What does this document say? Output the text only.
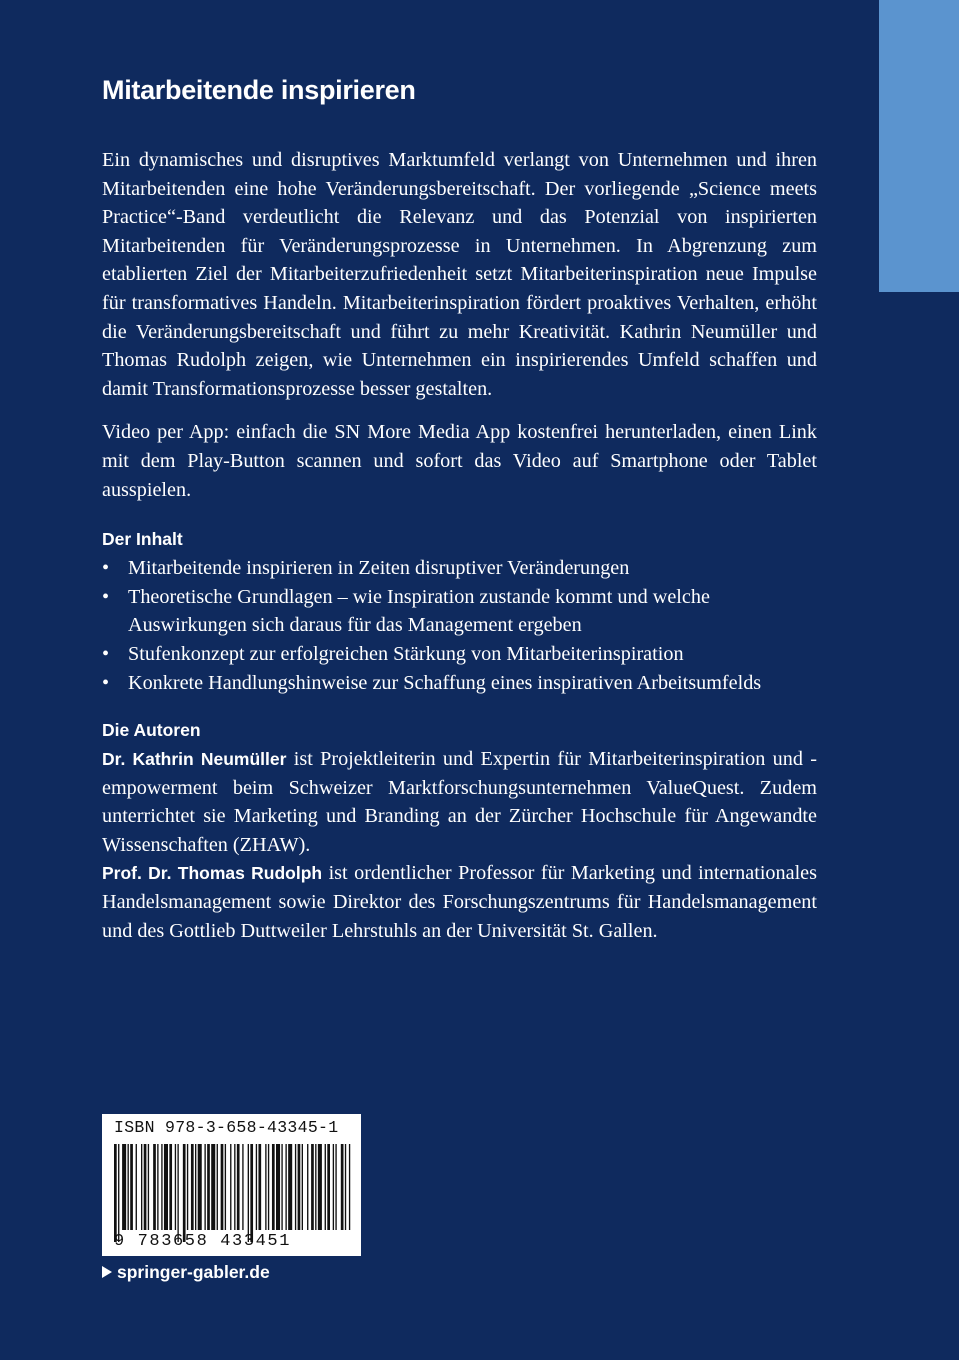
Mitarbeitende inspirieren

Ein dynamisches und disruptives Marktumfeld verlangt von Unternehmen und ihren Mitarbeitenden eine hohe Veränderungsbereitschaft. Der vorliegende „Science meets Practice“-Band verdeutlicht die Relevanz und das Potenzial von inspirierten Mitarbeitenden für Veränderungsprozesse in Unternehmen. In Abgrenzung zum etablierten Ziel der Mitarbeiterzufriedenheit setzt Mitarbeiterinspiration neue Impulse für transformatives Handeln. Mitarbeiterinspiration fördert proaktives Verhalten, erhöht die Veränderungsbereitschaft und führt zu mehr Kreativität. Kathrin Neumüller und Thomas Rudolph zeigen, wie Unternehmen ein inspirierendes Umfeld schaffen und damit Transformationsprozesse besser gestalten.

Video per App: einfach die SN More Media App kostenfrei herunterladen, einen Link mit dem Play-Button scannen und sofort das Video auf Smartphone oder Tablet ausspielen.

Der Inhalt
• Mitarbeitende inspirieren in Zeiten disruptiver Veränderungen
• Theoretische Grundlagen – wie Inspiration zustande kommt und welche Auswirkungen sich daraus für das Management ergeben
• Stufenkonzept zur erfolgreichen Stärkung von Mitarbeiterinspiration
• Konkrete Handlungshinweise zur Schaffung eines inspirativen Arbeitsumfelds
Die Autoren

Dr. Kathrin Neumüller ist Projektleiterin und Expertin für Mitarbeiterinspiration und -empowerment beim Schweizer Marktforschungsunternehmen ValueQuest. Zudem unterrichtet sie Marketing und Branding an der Zürcher Hochschule für Angewandte Wissenschaften (ZHAW).

Prof. Dr. Thomas Rudolph ist ordentlicher Professor für Marketing und internationales Handelsmanagement sowie Direktor des Forschungszentrums für Handelsmanagement und des Gottlieb Duttweiler Lehrstuhls an der Universität St. Gallen.

ISBN 978-3-658-43345-1
9 783658 433451
springer-gabler.de
